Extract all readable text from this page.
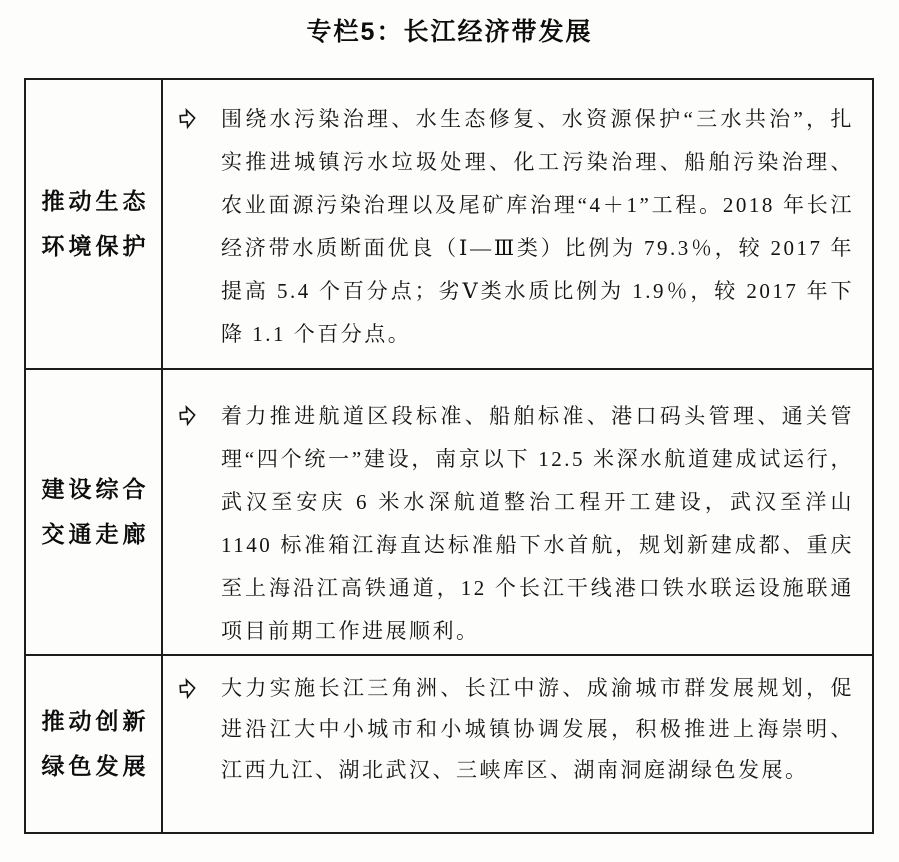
专栏5：长江经济带发展
推动生态
环境保护
围绕水污染治理、水生态修复、水资源保护“三水共治”，扎实推进城镇污水垃圾处理、化工污染治理、船舶污染治理、农业面源污染治理以及尾矿库治理“4＋1”工程。2018 年长江经济带水质断面优良（Ⅰ—Ⅲ类）比例为 79.3％，较 2017 年提高 5.4 个百分点；劣Ⅴ类水质比例为 1.9％，较 2017 年下降 1.1 个百分点。
建设综合
交通走廊
着力推进航道区段标准、船舶标准、港口码头管理、通关管理“四个统一”建设，南京以下 12.5 米深水航道建成试运行，武汉至安庆 6 米水深航道整治工程开工建设，武汉至洋山 1140 标准箱江海直达标准船下水首航，规划新建成都、重庆至上海沿江高铁通道，12 个长江干线港口铁水联运设施联通项目前期工作进展顺利。
推动创新
绿色发展
大力实施长江三角洲、长江中游、成渝城市群发展规划，促进沿江大中小城市和小城镇协调发展，积极推进上海崇明、江西九江、湖北武汉、三峡库区、湖南洞庭湖绿色发展。
